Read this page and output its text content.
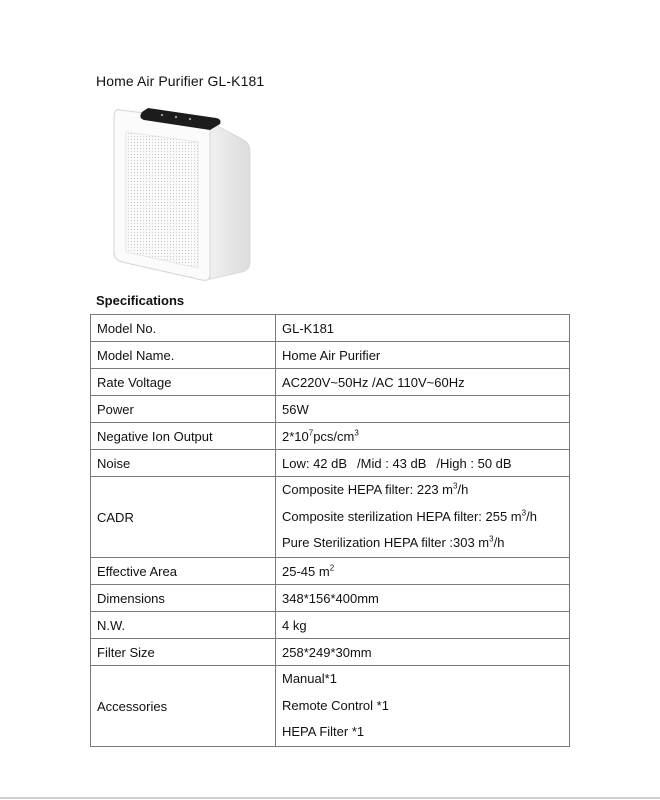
Home Air Purifier GL-K181
Specifications
Model No.	GL-K181
Model Name.	Home Air Purifier
Rate Voltage	AC220V~50Hz /AC 110V~60Hz
Power	56W
Negative Ion Output	$2*10^7pcs/cm^3$
Noise	Low: 42 dB /Mid : 43 dB /High : 50 dB
CADR	Composite HEPA filter: 223 $m^3/h$
Composite sterilization HEPA filter: 255 $m^3/h$
Pure Sterilization HEPA filter :303 $m^3/h$

Effective Area	25-45 $m^2$
Dimensions	348*156*400mm
N.W.	4 kg
Filter Size	258*249*30mm
Accessories	Manual*1
Remote Control *1
HEPA Filter *1
